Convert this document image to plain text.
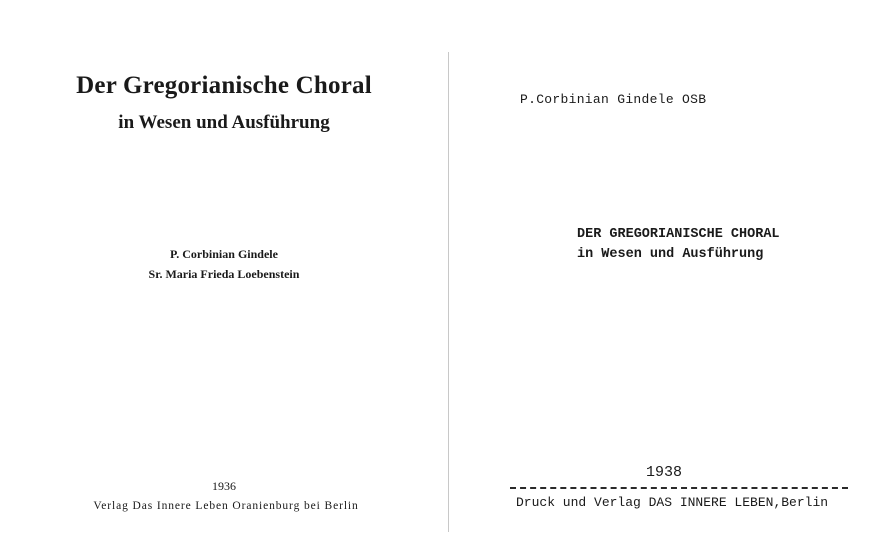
Der Gregorianische Choral
in Wesen und Ausführung
P. Corbinian Gindele
Sr. Maria Frieda Loebenstein
1936
Verlag Das Innere Leben Oranienburg bei Berlin
P.Corbinian Gindele OSB
DER GREGORIANISCHE CHORAL
in Wesen und Ausführung
1938
Druck und Verlag DAS INNERE LEBEN,Berlin
